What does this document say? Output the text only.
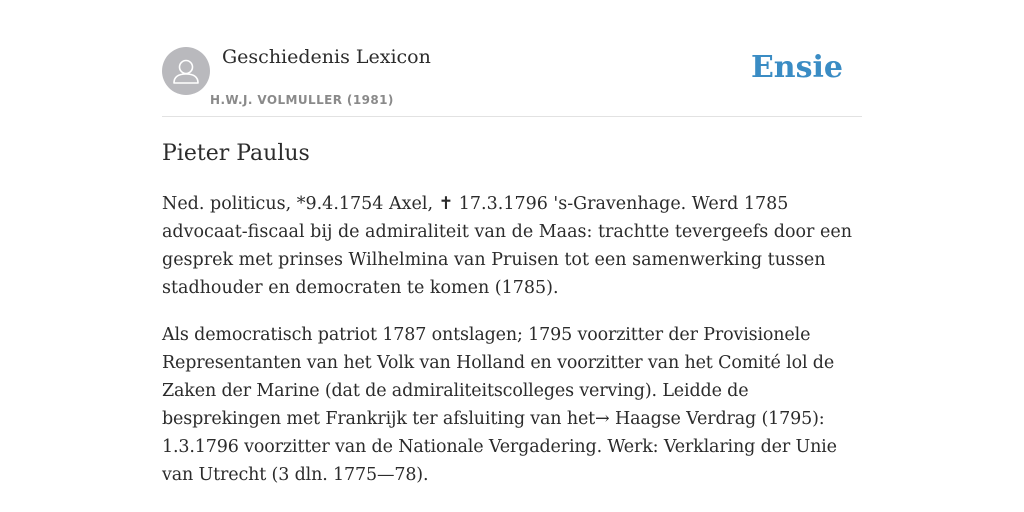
Geschiedenis Lexicon
H.W.J. VOLMULLER (1981)
Ensie
Pieter Paulus

Ned. politicus, *9.4.1754 Axel, ✝ 17.3.1796 's-Gravenhage. Werd 1785 advocaat-fiscaal bij de admiraliteit van de Maas: trachtte tevergeefs door een gesprek met prinses Wilhelmina van Pruisen tot een samenwerking tussen stadhouder en democraten te komen (1785).

Als democratisch patriot 1787 ontslagen; 1795 voorzitter der Provisionele Representanten van het Volk van Holland en voorzitter van het Comité lol de Zaken der Marine (dat de admiraliteitscolleges verving). Leidde de besprekingen met Frankrijk ter afsluiting van het→ Haagse Verdrag (1795): 1.3.1796 voorzitter van de Nationale Vergadering. Werk: Verklaring der Unie van Utrecht (3 dln. 1775—78).
